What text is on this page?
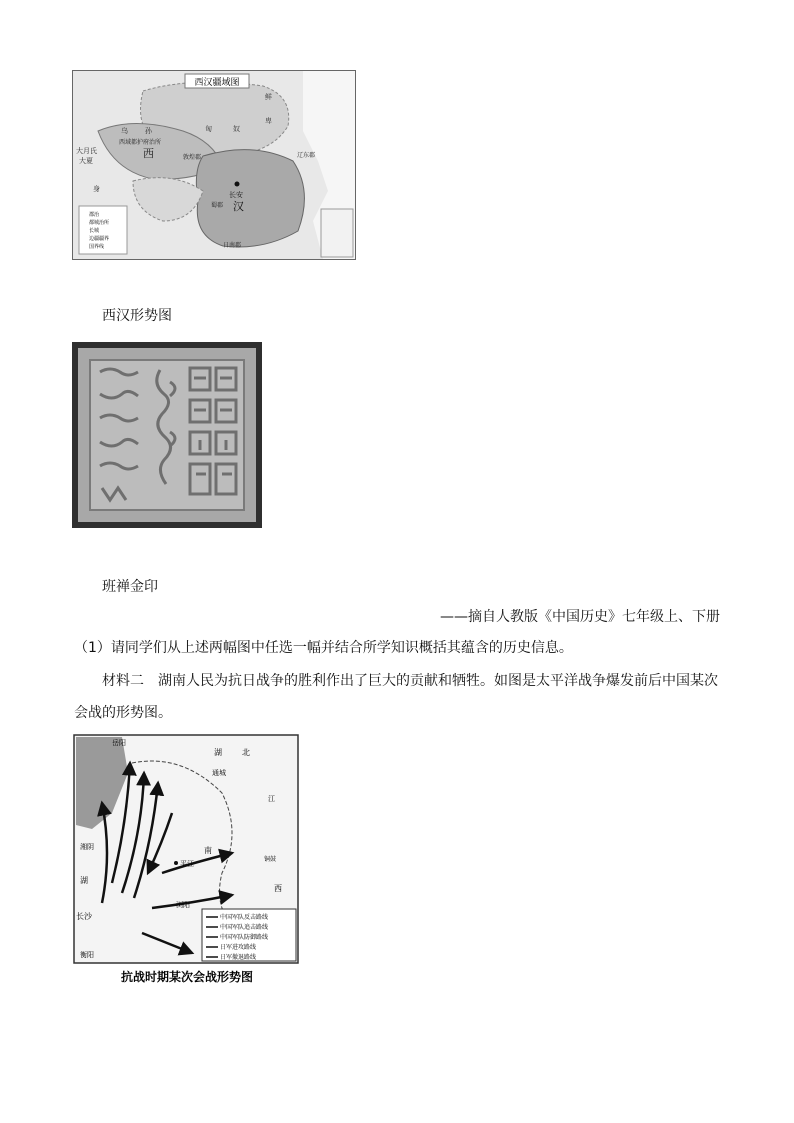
西汉疆域图
匈	奴
鲜
卑
乌 孙
西域都护府治所
西
大月氏
大夏
身
敦煌郡	辽东郡
长安
汉
蜀郡
日南郡
郡治
都城治所
长城
边疆疆界
国界线
西汉形势图
班禅金印
——摘自人教版《中国历史》七年级上、下册
（1）请同学们从上述两幅图中任选一幅并结合所学知识概括其蕴含的历史信息。
材料二　湖南人民为抗日战争的胜利作出了巨大的贡献和牺牲。如图是太平洋战争爆发前后中国某次
会战的形势图。
湖	北
岳阳
通城
江
湘阴
平江
浏阳
长沙
衡阳
湖
南
西
铜鼓
中国军队反击路线
中国军队追击路线
中国军队防御路线
日军进攻路线
日军撤退路线
抗战时期某次会战形势图
